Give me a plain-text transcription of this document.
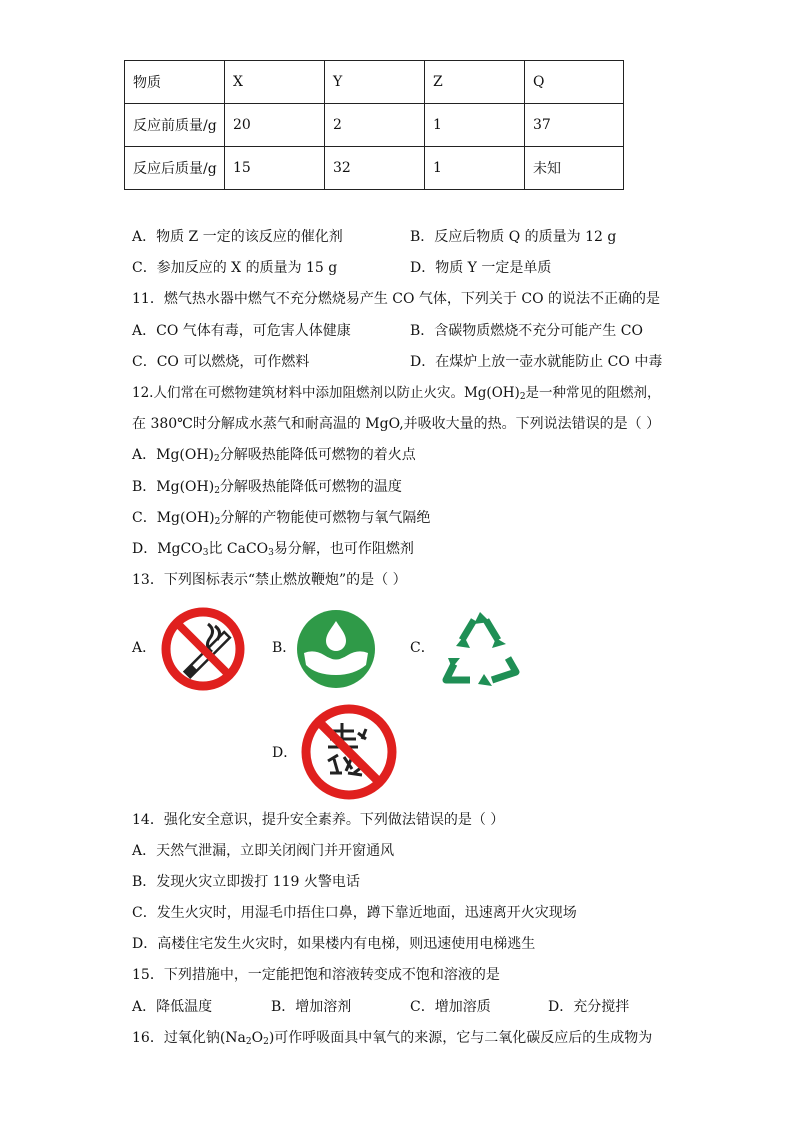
物质	X	Y	Z	Q
反应前质量/g	20	2	1	37
反应后质量/g	15	32	1	未知
A．物质 Z 一定的该反应的催化剂	B．反应后物质 Q 的质量为 12 g
C．参加反应的 X 的质量为 15 g	D．物质 Y 一定是单质
11．燃气热水器中燃气不充分燃烧易产生 CO 气体，下列关于 CO 的说法不正确的是
A．CO 气体有毒，可危害人体健康	B．含碳物质燃烧不充分可能产生 CO
C．CO 可以燃烧，可作燃料	D．在煤炉上放一壶水就能防止 CO 中毒
12.人们常在可燃物建筑材料中添加阻燃剂以防止火灾。$Mg(OH)_2$是一种常见的阻燃剂，
在 380℃时分解成水蒸气和耐高温的 MgO,并吸收大量的热。下列说法错误的是（ ）
A．$Mg(OH)_2$分解吸热能降低可燃物的着火点
B．$Mg(OH)_2$分解吸热能降低可燃物的温度
C．$Mg(OH)_2$分解的产物能使可燃物与氧气隔绝
D．MgCO$_3$比 CaCO$_3$易分解，也可作阻燃剂
13．下列图标表示“禁止燃放鞭炮”的是（ ）
A．	B．	C．
D．
14．强化安全意识，提升安全素养。下列做法错误的是（ ）
A．天然气泄漏，立即关闭阀门并开窗通风
B．发现火灾立即拨打 119 火警电话
C．发生火灾时，用湿毛巾捂住口鼻，蹲下靠近地面，迅速离开火灾现场
D．高楼住宅发生火灾时，如果楼内有电梯，则迅速使用电梯逃生
15．下列措施中，一定能把饱和溶液转变成不饱和溶液的是
A．降低温度	B．增加溶剂	C．增加溶质	D．充分搅拌
16．过氧化钠$(Na_2O_2)$可作呼吸面具中氧气的来源，它与二氧化碳反应后的生成物为
